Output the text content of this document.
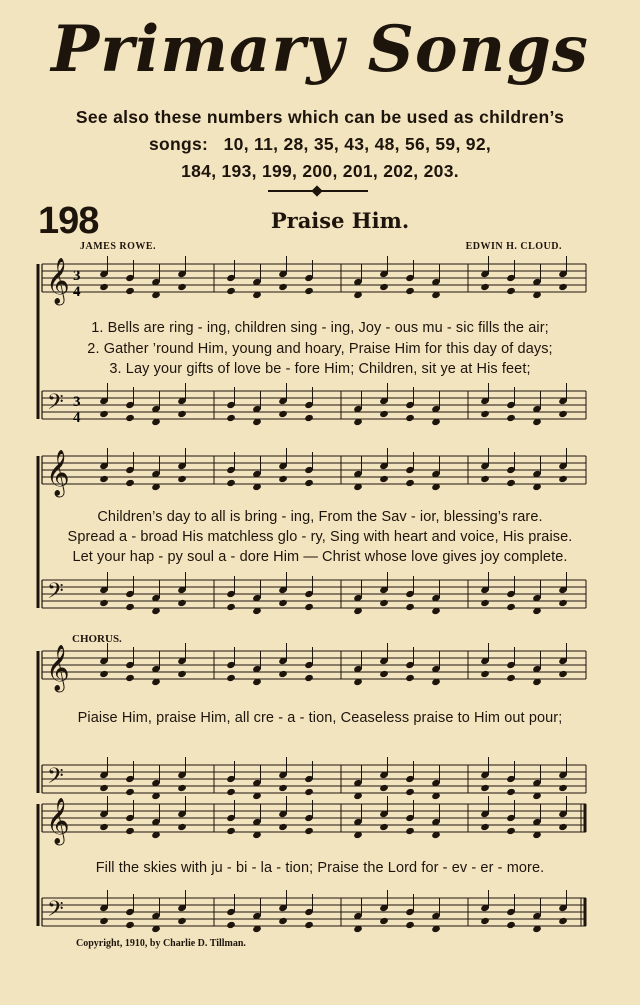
Primary Songs
See also these numbers which can be used as children’s
songs:   10, 11, 28, 35, 43, 48, 56, 59, 92,
184, 193, 199, 200, 201, 202, 203.
198	Praise Him.
JAMES ROWE.	EDWIN H. CLOUD.
3
4
3
4
𝄞
𝄢
𝄞
𝄢
𝄞
𝄢
𝄞
𝄢
1. Bells are ring - ing, children sing - ing, Joy - ous mu - sic fills the air;
2. Gather ’round Him, young and hoary, Praise Him for this day of days;
3. Lay your gifts of love be - fore Him; Children, sit ye at His feet;
Children’s day to all is bring - ing, From the Sav - ior, blessing’s rare.
Spread a - broad His matchless glo - ry, Sing with heart and voice, His praise.
Let your hap - py soul a - dore Him — Christ whose love gives joy complete.
CHORUS.
Piaise Him, praise Him, all cre - a - tion, Ceaseless praise to Him out pour;
Fill the skies with ju - bi - la - tion; Praise the Lord for - ev - er - more.
Copyright, 1910, by Charlie D. Tillman.
